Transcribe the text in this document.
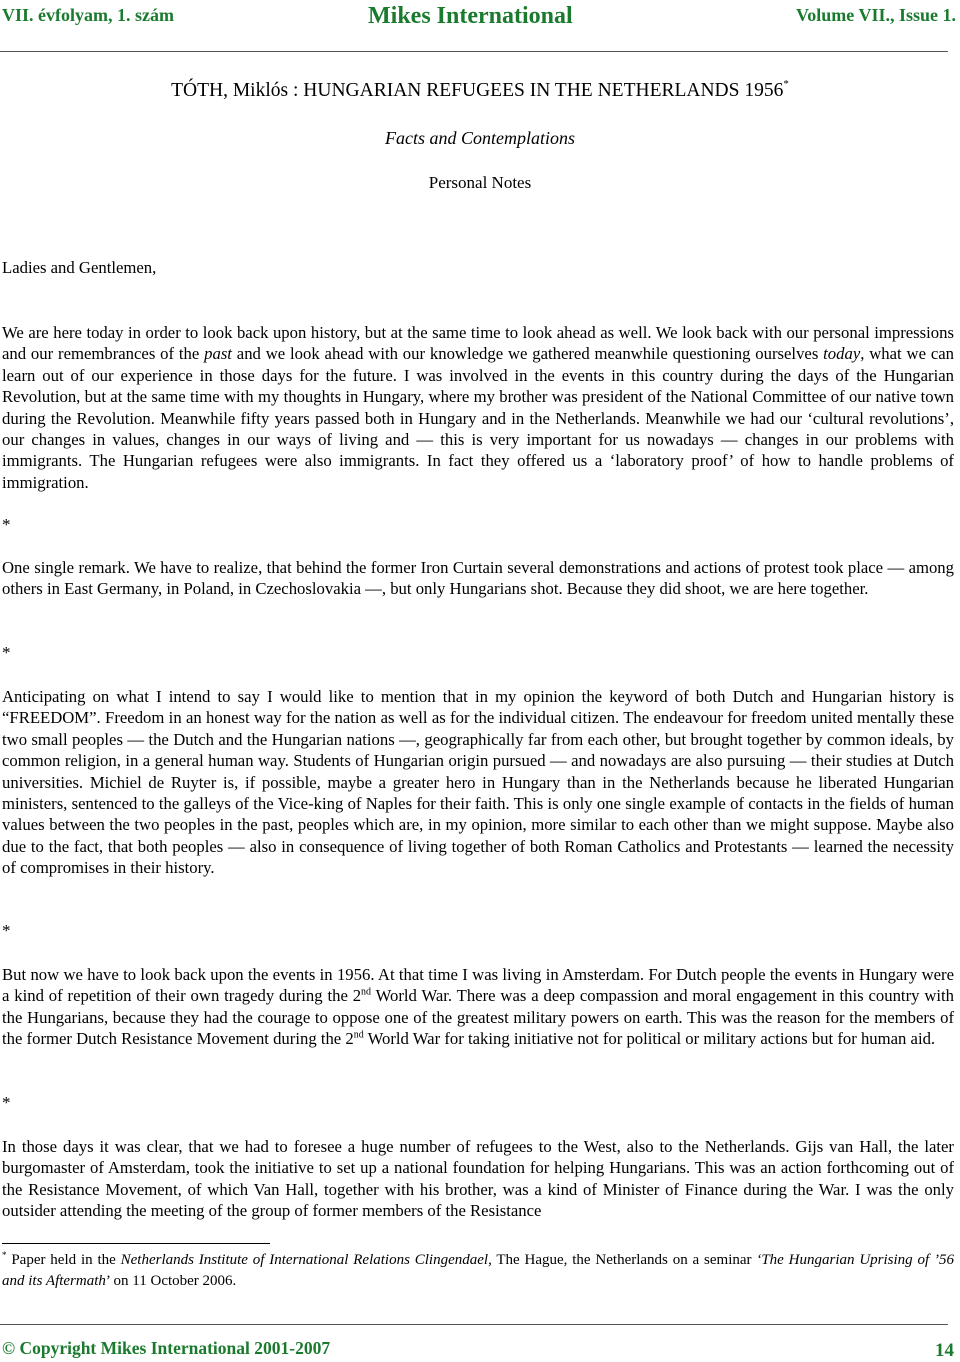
VII. évfolyam, 1. szám	Mikes International	Volume VII., Issue 1.
TÓTH, Miklós : HUNGARIAN REFUGEES IN THE NETHERLANDS 1956*
Facts and Contemplations
Personal Notes
Ladies and Gentlemen,

We are here today in order to look back upon history, but at the same time to look ahead as well. We look back with our personal impressions and our remembrances of the past and we look ahead with our knowledge we gathered meanwhile questioning ourselves today, what we can learn out of our experience in those days for the future. I was involved in the events in this country during the days of the Hungarian Revolution, but at the same time with my thoughts in Hungary, where my brother was president of the National Committee of our native town during the Revolution. Meanwhile fifty years passed both in Hungary and in the Netherlands. Meanwhile we had our ‘cultural revolutions’, our changes in values, changes in our ways of living and — this is very important for us nowadays — changes in our problems with immigrants. The Hungarian refugees were also immigrants. In fact they offered us a ‘laboratory proof’ of how to handle problems of immigration.

*

One single remark. We have to realize, that behind the former Iron Curtain several demonstrations and actions of protest took place — among others in East Germany, in Poland, in Czechoslovakia —, but only Hungarians shot. Because they did shoot, we are here together.

*

Anticipating on what I intend to say I would like to mention that in my opinion the keyword of both Dutch and Hungarian history is “FREEDOM”. Freedom in an honest way for the nation as well as for the individual citizen. The endeavour for freedom united mentally these two small peoples — the Dutch and the Hungarian nations —, geographically far from each other, but brought together by common ideals, by common religion, in a general human way. Students of Hungarian origin pursued — and nowadays are also pursuing — their studies at Dutch universities. Michiel de Ruyter is, if possible, maybe a greater hero in Hungary than in the Netherlands because he liberated Hungarian ministers, sentenced to the galleys of the Vice-king of Naples for their faith. This is only one single example of contacts in the fields of human values between the two peoples in the past, peoples which are, in my opinion, more similar to each other than we might suppose. Maybe also due to the fact, that both peoples — also in consequence of living together of both Roman Catholics and Protestants — learned the necessity of compromises in their history.

*

But now we have to look back upon the events in 1956. At that time I was living in Amsterdam. For Dutch people the events in Hungary were a kind of repetition of their own tragedy during the 2nd World War. There was a deep compassion and moral engagement in this country with the Hungarians, because they had the courage to oppose one of the greatest military powers on earth. This was the reason for the members of the former Dutch Resistance Movement during the 2nd World War for taking initiative not for political or military actions but for human aid.

*

In those days it was clear, that we had to foresee a huge number of refugees to the West, also to the Netherlands. Gijs van Hall, the later burgomaster of Amsterdam, took the initiative to set up a national foundation for helping Hungarians. This was an action forthcoming out of the Resistance Movement, of which Van Hall, together with his brother, was a kind of Minister of Finance during the War. I was the only outsider attending the meeting of the group of former members of the Resistance

* Paper held in the Netherlands Institute of International Relations Clingendael, The Hague, the Netherlands on a seminar ‘The Hungarian Uprising of ’56 and its Aftermath’ on 11 October 2006.
© Copyright Mikes International 2001-2007	14
